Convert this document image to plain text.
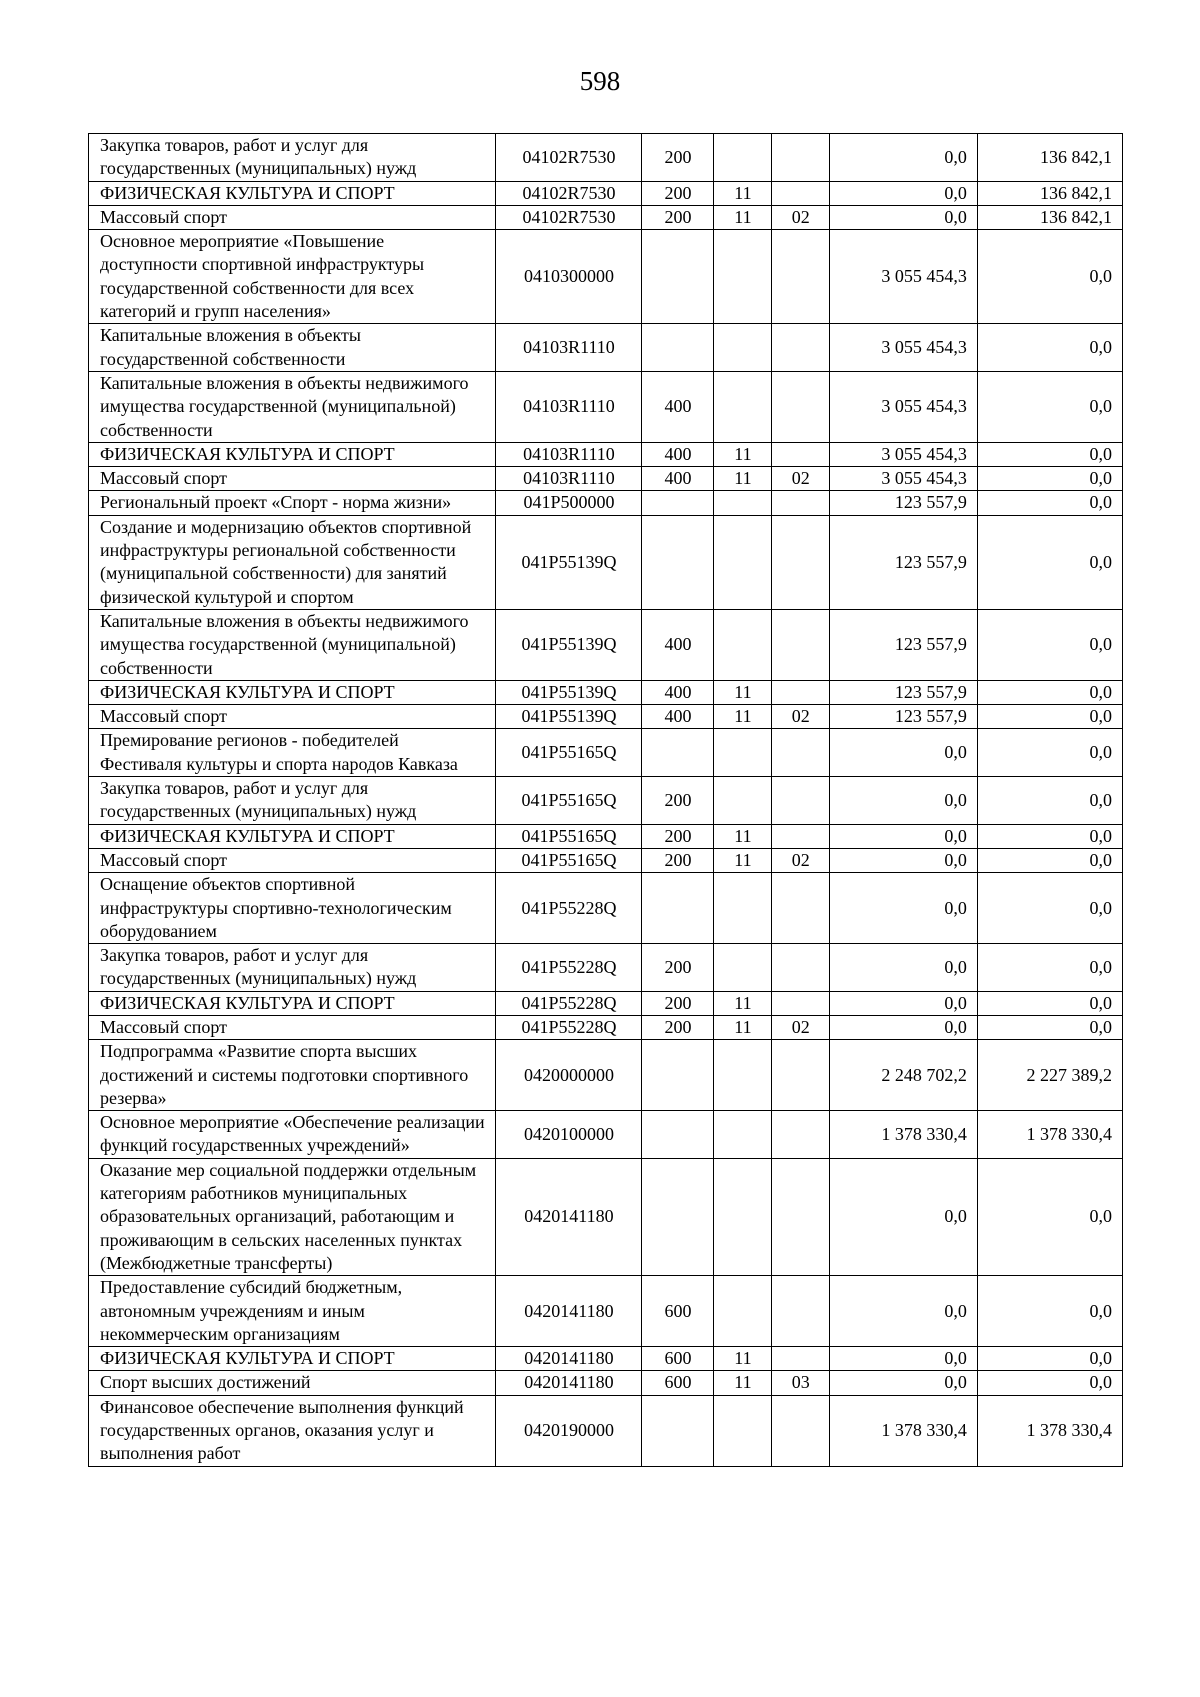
598
Закупка товаров, работ и услуг для государственных (муниципальных) нужд	04102R7530	200			0,0	136 842,1
ФИЗИЧЕСКАЯ КУЛЬТУРА И СПОРТ	04102R7530	200	11		0,0	136 842,1
Массовый спорт	04102R7530	200	11	02	0,0	136 842,1
Основное мероприятие «Повышение доступности спортивной инфраструктуры государственной собственности для всех категорий и групп населения»	0410300000				3 055 454,3	0,0
Капитальные вложения в объекты государственной собственности	04103R1110				3 055 454,3	0,0
Капитальные вложения в объекты недвижимого имущества государственной (муниципальной) собственности	04103R1110	400			3 055 454,3	0,0
ФИЗИЧЕСКАЯ КУЛЬТУРА И СПОРТ	04103R1110	400	11		3 055 454,3	0,0
Массовый спорт	04103R1110	400	11	02	3 055 454,3	0,0
Региональный проект «Спорт - норма жизни»	041P500000				123 557,9	0,0
Создание и модернизацию объектов спортивной инфраструктуры региональной собственности (муниципальной собственности) для занятий физической культурой и спортом	041P55139Q				123 557,9	0,0
Капитальные вложения в объекты недвижимого имущества государственной (муниципальной) собственности	041P55139Q	400			123 557,9	0,0
ФИЗИЧЕСКАЯ КУЛЬТУРА И СПОРТ	041P55139Q	400	11		123 557,9	0,0
Массовый спорт	041P55139Q	400	11	02	123 557,9	0,0
Премирование регионов - победителей Фестиваля культуры и спорта народов Кавказа	041P55165Q				0,0	0,0
Закупка товаров, работ и услуг для государственных (муниципальных) нужд	041P55165Q	200			0,0	0,0
ФИЗИЧЕСКАЯ КУЛЬТУРА И СПОРТ	041P55165Q	200	11		0,0	0,0
Массовый спорт	041P55165Q	200	11	02	0,0	0,0
Оснащение объектов спортивной инфраструктуры спортивно-технологическим оборудованием	041P55228Q				0,0	0,0
Закупка товаров, работ и услуг для государственных (муниципальных) нужд	041P55228Q	200			0,0	0,0
ФИЗИЧЕСКАЯ КУЛЬТУРА И СПОРТ	041P55228Q	200	11		0,0	0,0
Массовый спорт	041P55228Q	200	11	02	0,0	0,0
Подпрограмма «Развитие спорта высших достижений и системы подготовки спортивного резерва»	0420000000				2 248 702,2	2 227 389,2
Основное мероприятие «Обеспечение реализации функций государственных учреждений»	0420100000				1 378 330,4	1 378 330,4
Оказание мер социальной поддержки отдельным категориям работников муниципальных образовательных организаций, работающим и проживающим в сельских населенных пунктах (Межбюджетные трансферты)	0420141180				0,0	0,0
Предоставление субсидий бюджетным, автономным учреждениям и иным некоммерческим организациям	0420141180	600			0,0	0,0
ФИЗИЧЕСКАЯ КУЛЬТУРА И СПОРТ	0420141180	600	11		0,0	0,0
Спорт высших достижений	0420141180	600	11	03	0,0	0,0
Финансовое обеспечение выполнения функций государственных органов, оказания услуг и выполнения работ	0420190000				1 378 330,4	1 378 330,4
